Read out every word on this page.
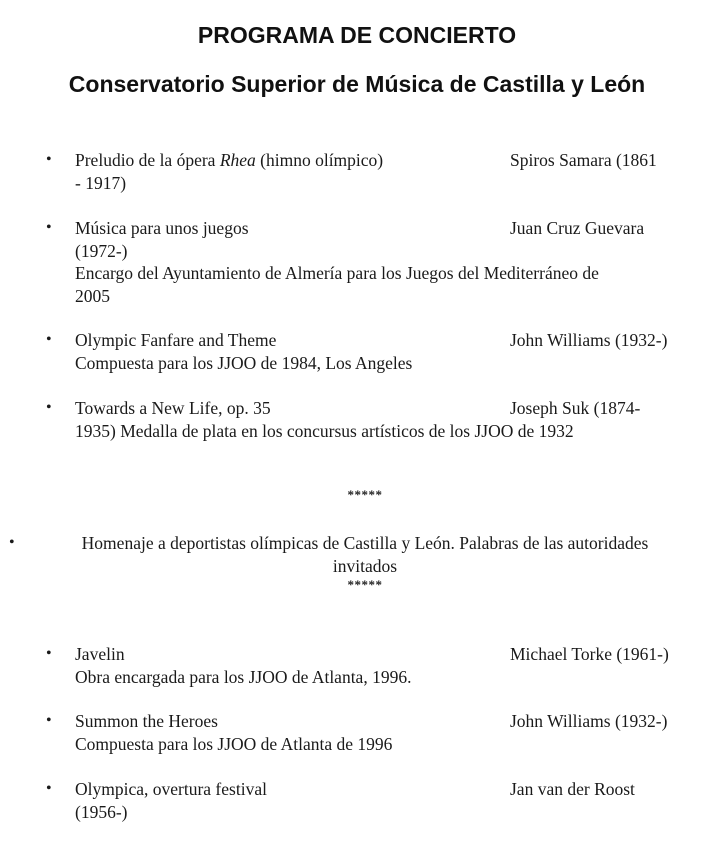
PROGRAMA DE CONCIERTO
Conservatorio Superior de Música de Castilla y León
• Preludio de la ópera Rhea (himno olímpico)	Spiros Samara (1861
- 1917)
• Música para unos juegos	Juan Cruz Guevara
(1972-)
Encargo del Ayuntamiento de Almería para los Juegos del Mediterráneo de
2005
• Olympic Fanfare and Theme	John Williams (1932-)
Compuesta para los JJOO de 1984, Los Angeles
• Towards a New Life, op. 35	Joseph Suk (1874-
1935) Medalla de plata en los concursus artísticos de los JJOO de 1932
*****
•	Homenaje a deportistas olímpicas de Castilla y León. Palabras de las autoridades
invitados
*****
• Javelin	Michael Torke (1961-)
Obra encargada para los JJOO de Atlanta, 1996.
• Summon the Heroes	John Williams (1932-)
Compuesta para los JJOO de Atlanta de 1996
• Olympica, overtura festival	Jan van der Roost
(1956-)
